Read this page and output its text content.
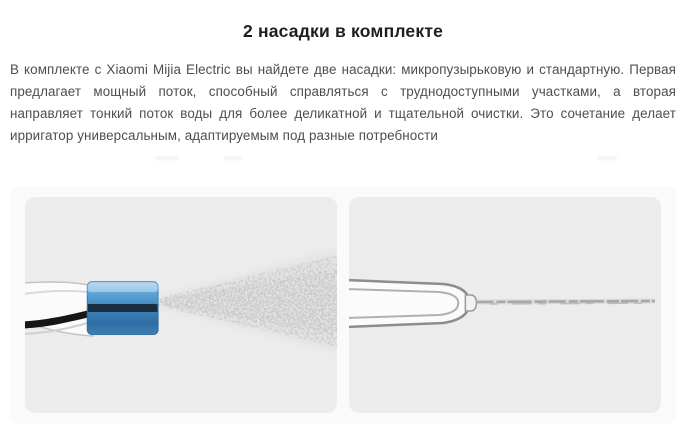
2 насадки в комплекте

В комплекте с Xiaomi Mijia Electric вы найдете две насадки: микропузырьковую и стандартную. Первая предлагает мощный поток, способный справляться с труднодоступными участками, а вторая направляет тонкий поток воды для более деликатной и тщательной очистки. Это сочетание делает ирригатор универсальным, адаптируемым под разные потребности
